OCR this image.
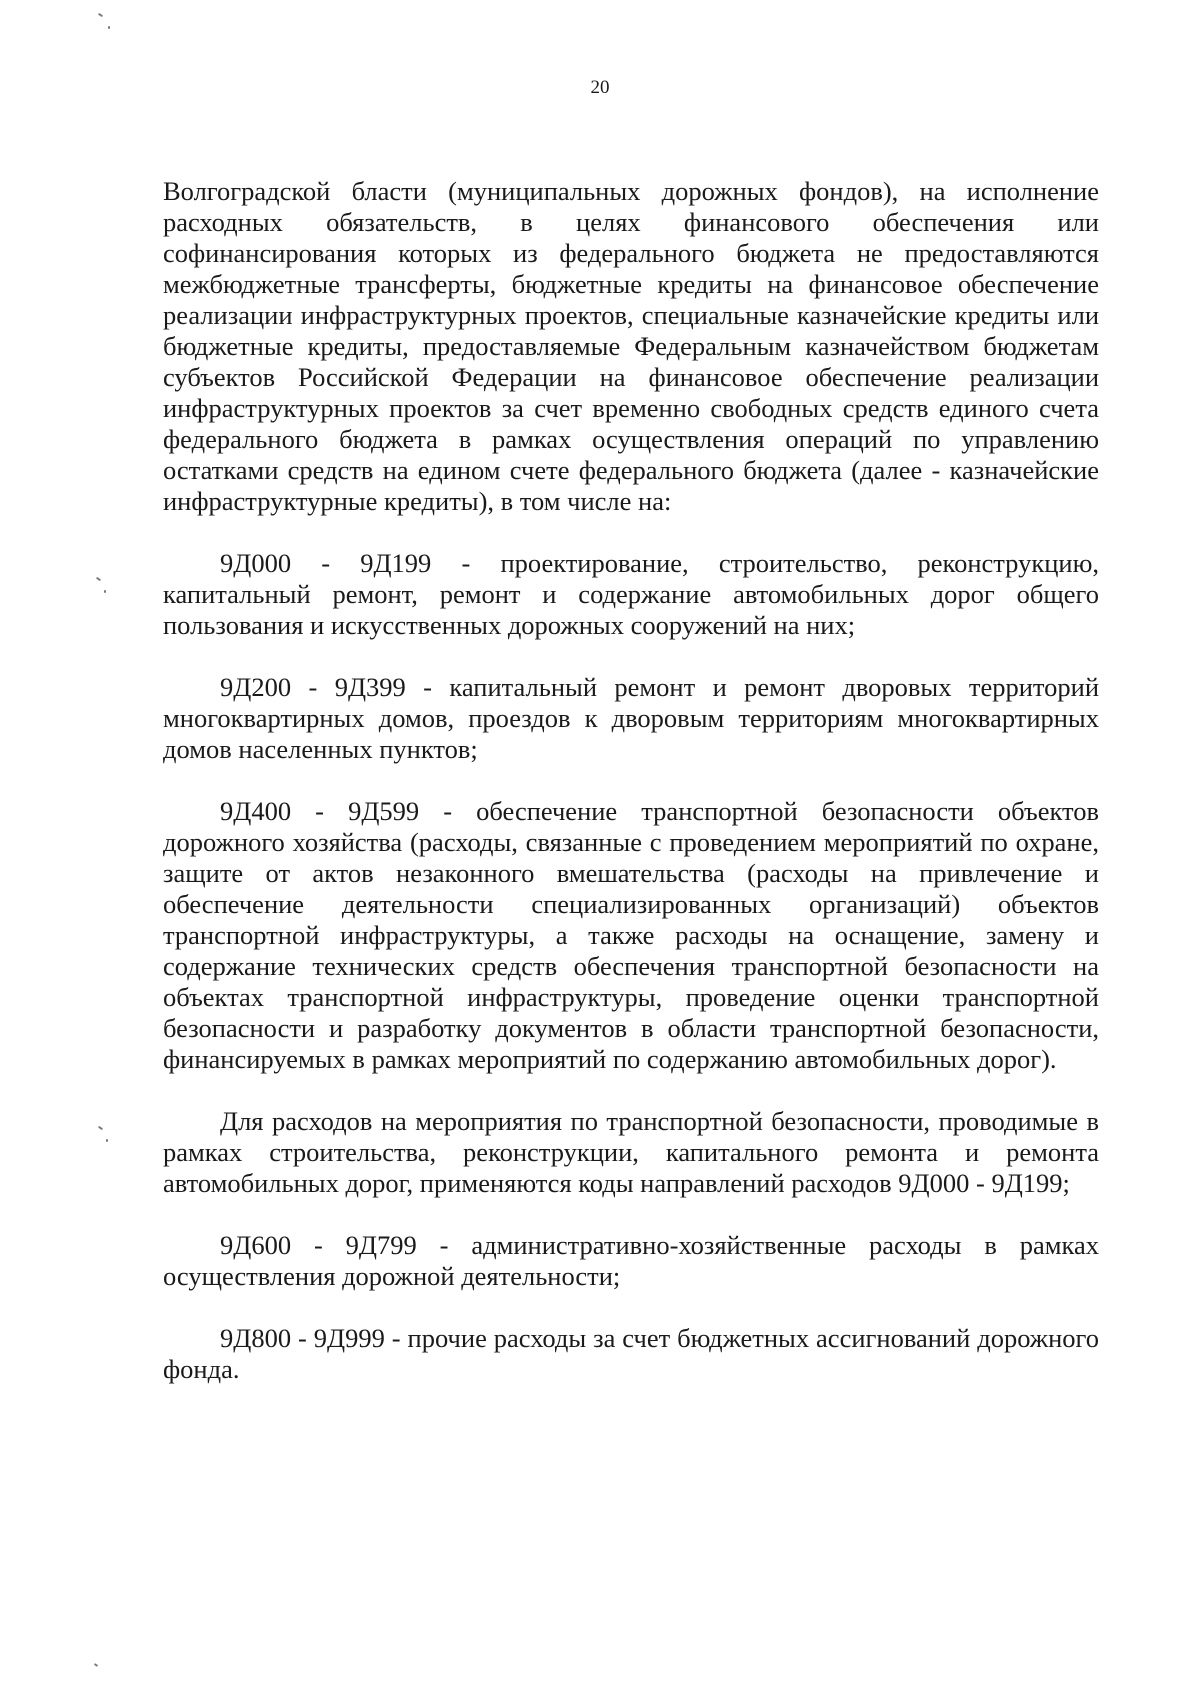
20

Волгоградской бласти (муниципальных дорожных фондов), на исполнение расходных обязательств, в целях финансового обеспечения или софинансирования которых из федерального бюджета не предоставляются межбюджетные трансферты, бюджетные кредиты на финансовое обеспечение реализации инфраструктурных проектов, специальные казначейские кредиты или бюджетные кредиты, предоставляемые Федеральным казначейством бюджетам субъектов Российской Федерации на финансовое обеспечение реализации инфраструктурных проектов за счет временно свободных средств единого счета федерального бюджета в рамках осуществления операций по управлению остатками средств на едином счете федерального бюджета (далее - казначейские инфраструктурные кредиты), в том числе на:

9Д000 - 9Д199 - проектирование, строительство, реконструкцию, капитальный ремонт, ремонт и содержание автомобильных дорог общего пользования и искусственных дорожных сооружений на них;

9Д200 - 9Д399 - капитальный ремонт и ремонт дворовых территорий многоквартирных домов, проездов к дворовым территориям многоквартирных домов населенных пунктов;

9Д400 - 9Д599 - обеспечение транспортной безопасности объектов дорожного хозяйства (расходы, связанные с проведением мероприятий по охране, защите от актов незаконного вмешательства (расходы на привлечение и обеспечение деятельности специализированных организаций) объектов транспортной инфраструктуры, а также расходы на оснащение, замену и содержание технических средств обеспечения транспортной безопасности на объектах транспортной инфраструктуры, проведение оценки транспортной безопасности и разработку документов в области транспортной безопасности, финансируемых в рамках мероприятий по содержанию автомобильных дорог).

Для расходов на мероприятия по транспортной безопасности, проводимые в рамках строительства, реконструкции, капитального ремонта и ремонта автомобильных дорог, применяются коды направлений расходов 9Д000 - 9Д199;

9Д600 - 9Д799 - административно-хозяйственные расходы в рамках осуществления дорожной деятельности;

9Д800 - 9Д999 - прочие расходы за счет бюджетных ассигнований дорожного фонда.
